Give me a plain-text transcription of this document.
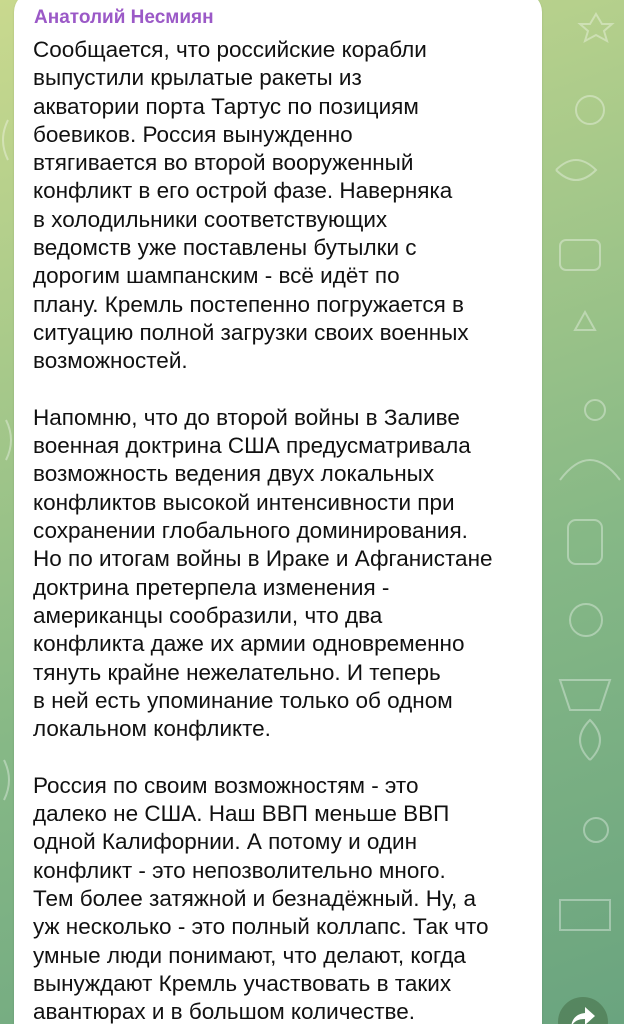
Анатолий Несмиян
Сообщается, что российские корабли
выпустили крылатые ракеты из
акватории порта Тартус по позициям
боевиков. Россия вынужденно
втягивается во второй вооруженный
конфликт в его острой фазе. Наверняка
в холодильники соответствующих
ведомств уже поставлены бутылки с
дорогим шампанским - всё идёт по
плану. Кремль постепенно погружается в
ситуацию полной загрузки своих военных
возможностей.
Напомню, что до второй войны в Заливе
военная доктрина США предусматривала
возможность ведения двух локальных
конфликтов высокой интенсивности при
сохранении глобального доминирования.
Но по итогам войны в Ираке и Афганистане
доктрина претерпела изменения -
американцы сообразили, что два
конфликта даже их армии одновременно
тянуть крайне нежелательно. И теперь
в ней есть упоминание только об одном
локальном конфликте.
Россия по своим возможностям - это
далеко не США. Наш ВВП меньше ВВП
одной Калифорнии. А потому и один
конфликт - это непозволительно много.
Тем более затяжной и безнадёжный. Ну, а
уж несколько - это полный коллапс. Так что
умные люди понимают, что делают, когда
вынуждают Кремль участвовать в таких
авантюрах и в большом количестве.
